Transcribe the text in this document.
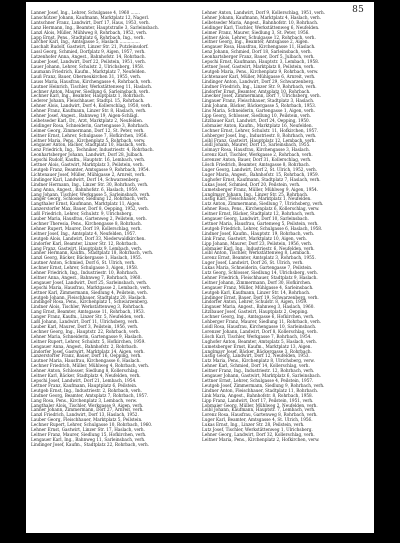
85

Lanner Josef, Ing., Lehrer, Schulgasse 4, 1960 .......

Lanschützer Johann, Kaufmann, Marktplatz 12, Nagerl.

Lantschner Franz, Landwirt, Dorf 17, Haus, 1953, verh.

Lanz Hermann, Ing., Beamter, Hauptstraße 3, Sarleinsbach.

Lanzl Alois, Müller, Mühlweg 8, Rohrbach, 1952, verh.

Lapp Ernst, Pens., Stadtplatz 6, Rohrbach, Ing., verh.

Larcher Karl, Ing., Amtsgasse 5, Haslach ...............

Laschalt Rudolf, Gastwirt, Linzer Str. 21, Putzleinsdorf.

Lassl Georg, Schmied, Dorfplatz 9, Aigen, 1957, verh.

Latzenhofer Anna, Angest., Bahnhofstr. 14, Rohrbach.

Lauber Josef, Landwirt, Dorf 22, Peilstein, 1951, verh.

Lauer Johann, Lehrer, Schulstr. 2, Ulrichsberg, 1958.

Laumann Friedrich, Kaufm., Marktplatz 7, Neufelden.

Lauß Franz, Bauer, Oberneukirchen 31, 1955, verh.

Lauss Maria, Hausfrau, Kirchengasse 4, Rohrbach, verh.

Lautner Heinrich, Tischler, Werkstättenweg 11, Haslach.

Lechner Anton, Maurer, Siedlung 6, Sarleinsbach, verh.

Lechner Karl, Ing., Beamter, Hauptplatz 1, Rohrbach.

Lederer Johann, Fleischhauer, Stadtpl. 15, Rohrbach.

Lehner Alois, Landwirt, Dorf 4, Kollerschlag, 1950, verh.

Lehner Franz, Kaufmann, Linzer Str. 8, Haslach, verh.

Lehner Josef, Angest., Bahnweg 19, Aigen-Schlägl.

Leibetseder Karl, Dr., Arzt, Marktplatz 2, Neufelden.

Leidinger Rosa, Schneiderin, Gartengasse 3, Rohrbach.

Leimer Georg, Zimmermann, Dorf 12, St. Peter, verh.

Leitner Ernst, Lehrer, Schulgasse 7, Hofkirchen, 1956.

Leitner Maria, Pens., Kirchenplatz 5, Rohrbach, verw.

Lengauer Anton, Bäcker, Stadtplatz 10, Haslach, verh.

Lenz Friedrich, Ing., Techniker, Industriestr. 4, Rohrbach.

Leonhartsberger Johann, Landwirt, Dorf 28, Julbach.

Lepschi Rudolf, Kaufm., Hauptstr. 16, Lembach, verh.

Lettner Alois, Gastwirt, Marktplatz 3, Peilstein, verh.

Leutgeb Franz, Beamter, Amtsgasse 9, Rohrbach, 1954.

Lichtenauer Josef, Müller, Mühlgasse 2, Arnreit, verh.

Lindinger Karl, Landwirt, Dorf 14, Schwarzenberg.

Lindner Hermann, Ing., Linzer Str. 30, Rohrbach, verh.

Lang Anna, Angest., Bahnhofstr. 6, Haslach, 1959.

Lang Johann, Tischler, Werkgasse 5, Sarleinsbach, verh.

Langer Georg, Schlosser, Siedlung 12, Rohrbach, verh.

Langthaler Ernst, Kaufmann, Marktplatz 11, Aigen.

Lanzerstorfer Max, Bauer, Dorf 8, Oepping, 1952, verh.

Laßl Friedrich, Lehrer, Schulstr. 9, Ulrichsberg.

Lauber Maria, Hausfrau, Gartenweg 2, Peilstein, verh.

Lechner Theresia, Pens., Kirchengasse 8, Rohrbach.

Lehner Rupert, Maurer, Dorf 19, Kollerschlag, verh.

Leitner Josef, Ing., Amtsplatz 4, Neufelden, 1957.

Leutgeb Alois, Landwirt, Dorf 33, Niederwaldkirchen.

Lindorfer Karl, Beamter, Linzer Str. 12, Rohrbach.

Lang Franz, Gastwirt, Hauptplatz 9, Lembach, verh.

Lanner Hermann, Kaufm., Stadtplatz 18, Rohrbach, verh.

Lanzl Georg, Bäcker, Bäckergasse 1, Haslach, 1955.

Lautner Anton, Schmied, Dorf 6, St. Ulrich, verh.

Lechner Ernst, Lehrer, Schulgasse 3, Aigen, 1958.

Lehner Friedrich, Ing., Industriestr. 10, Rohrbach.

Leitner Anna, Angest., Bahnweg 7, Rohrbach, 1960.

Lengauer Josef, Landwirt, Dorf 25, Sarleinsbach, verh.

Lepschi Maria, Hausfrau, Marktgasse 2, Lembach, verh.

Lettner Karl, Zimmermann, Siedlung 4, Peilstein, verh.

Leutgeb Johann, Fleischhauer, Stadtplatz 20, Haslach.

Lindinger Rosa, Pens., Kirchenplatz 1, Schwarzenberg.

Lindner Alois, Tischler, Werkstättenweg 3, Rohrbach.

Lang Ernst, Beamter, Amtsgasse 11, Rohrbach, 1953.

Langer Franz, Kaufm., Linzer Str. 5, Neufelden, verh.

Laßl Johann, Landwirt, Dorf 11, Ulrichsberg, verh.

Lauber Karl, Maurer, Dorf 3, Peilstein, 1956, verh.

Lechner Georg, Ing., Hauptstr. 22, Rohrbach, verh.

Lehner Maria, Schneiderin, Gartengasse 9, Haslach.

Leitner Rupert, Lehrer, Schulstr. 5, Hofkirchen, 1959.

Lengauer Anna, Angest., Bahnhofstr. 2, Rohrbach.

Lindorfer Josef, Gastwirt, Marktplatz 14, Aigen, verh.

Lanzerstorfer Franz, Bauer, Dorf 16, Oepping, verh.

Lautner Maria, Hausfrau, Kirchengasse 6, Haslach.

Lechner Friedrich, Müller, Mühlweg 4, Rohrbach, verh.

Lehner Anton, Schlosser, Siedlung 8, Kollerschlag.

Leitner Karl, Bäcker, Stadtplatz 4, Neufelden, verh.

Lepschi Josef, Landwirt, Dorf 21, Lembach, 1954.

Lettner Franz, Kaufmann, Hauptplatz 6, Peilstein.

Leutgeb Ernst, Ing., Industriestr. 2, Rohrbach, verh.

Lindner Georg, Beamter, Amtsplatz 7, Rohrbach, 1957.

Lang Rosa, Pens., Kirchenplatz 3, Lembach, verw.

Langthaler Alois, Tischler, Werkgasse 9, Aigen, verh.

Lanner Johann, Zimmermann, Dorf 27, Arnreit, verh.

Lanzl Friedrich, Landwirt, Dorf 13, Haslach, 1952.

Lauber Georg, Fleischhauer, Marktplatz 5, Peilstein.

Lechner Rupert, Lehrer, Schulgasse 10, Rohrbach, 1960.

Lehner Ernst, Gastwirt, Linzer Str. 17, Haslach, verh.

Leitner Franz, Maurer, Siedlung 15, Hofkirchen, verh.

Lengauer Karl, Ing., Bahnweg 11, Sarleinsbach, verh.

Lindinger Josef, Kaufm., Stadtplatz 22, Rohrbach, verh.

Lehner Anton, Landwirt, Dorf 9, Kollerschlag, 1951, verh.

Lehner Johann, Kaufmann, Marktplatz 4, Haslach, verh.

Leibetseder Maria, Angest., Bahnhofstr. 10, Rohrbach.

Leidinger Karl, Tischler, Werkstättenweg 6, Neufelden.

Leimer Franz, Maurer, Siedlung 3, St. Peter, 1956.

Leitner Alois, Lehrer, Schulgasse 12, Rohrbach, verh.

Leitner Georg, Ing., Beamter, Amtsgasse 2, Aigen.

Lengauer Rosa, Hausfrau, Kirchengasse 11, Haslach.

Lenz Johann, Schmied, Dorf 18, Sarleinsbach, verh.

Leonhartsberger Franz, Bauer, Dorf 5, Julbach, verh.

Lepschi Ernst, Kaufmann, Hauptstr. 3, Lembach, 1958.

Lettner Josef, Gastwirt, Marktplatz 8, Peilstein, verh.

Leutgeb Maria, Pens., Kirchenplatz 9, Rohrbach, verw.

Lichtenauer Karl, Müller, Mühlgasse 6, Arnreit, verh.

Lindinger Anton, Landwirt, Dorf 29, Schwarzenberg.

Lindner Friedrich, Ing., Linzer Str. 9, Rohrbach, verh.

Lindorfer Ernst, Beamter, Amtsplatz 10, Rohrbach.

Linecker Josef, Zimmermann, Dorf 7, Ulrichsberg, verh.

Lingauer Franz, Fleischhauer, Stadtplatz 3, Haslach.

Link Johann, Bäcker, Bäckergasse 5, Rohrbach, 1953.

Lins Maria, Schneiderin, Gartengasse 1, Aigen, verh.

Lipp Georg, Schlosser, Siedlung 10, Peilstein, verh.

Litzlbauer Karl, Landwirt, Dorf 24, Oepping, 1950.

Lobmaier Anton, Kaufm., Marktplatz 16, Neufelden.

Lochner Ernst, Lehrer, Schulstr. 11, Hofkirchen, 1957.

Lohberger Josef, Ing., Industriestr. 8, Rohrbach, verh.

Loibl Franz, Gastwirt, Hauptplatz 12, Lembach, verh.

Loidl Johann, Maurer, Dorf 15, Sarleinsbach, 1955.

Loimayr Rosa, Hausfrau, Kirchengasse 3, Haslach.

Lorenz Karl, Tischler, Werkgasse 2, Rohrbach, verh.

Lorenzer Anton, Bauer, Dorf 31, Kollerschlag, verh.

Lösch Friedrich, Beamter, Amtsgasse 8, Rohrbach.

Luger Georg, Landwirt, Dorf 2, St. Ulrich, 1952, verh.

Luger Maria, Angest., Bahnhofstr. 15, Rohrbach, 1959.

Lughofer Ernst, Kaufmann, Stadtplatz 7, Haslach, verh.

Lukas Josef, Schmied, Dorf 20, Peilstein, verh.

Lumetsberger Franz, Müller, Mühlweg 9, Aigen, 1954.

Lunglmayr Johann, Ing., Linzer Str. 25, Rohrbach.

Lustig Karl, Fleischhauer, Marktplatz 1, Neufelden.

Lutz Anton, Zimmermann, Siedlung 7, Ulrichsberg, verh.

Lehner Rosa, Pens., Kirchenplatz 6, Kollerschlag, verw.

Leitner Ernst, Bäcker, Stadtplatz 12, Rohrbach, verh.

Lengauer Georg, Landwirt, Dorf 10, Sarleinsbach.

Lettner Maria, Hausfrau, Gartenweg 5, Peilstein, verh.

Leutgeb Friedrich, Lehrer, Schulgasse 6, Haslach, 1958.

Lindner Josef, Kaufm., Hauptstr. 19, Rohrbach, verh.

Link Franz, Gastwirt, Marktplatz 10, Aigen, verh.

Lipp Johann, Maurer, Dorf 23, Peilstein, 1956, verh.

Lobmaier Karl, Ing., Industriestr. 6, Neufelden, verh.

Loibl Anton, Tischler, Werkstättenweg 8, Lembach.

Lorenz Ernst, Beamter, Amtsplatz 3, Rohrbach, 1955.

Luger Josef, Landwirt, Dorf 26, St. Ulrich, verh.

Lukas Maria, Schneiderin, Gartengasse 7, Peilstein.

Lutz Georg, Schlosser, Siedlung 14, Ulrichsberg, verh.

Lehner Friedrich, Fleischhauer, Stadtplatz 9, Haslach.

Leitner Johann, Zimmermann, Dorf 30, Hofkirchen.

Lengauer Franz, Müller, Mühlgasse 4, Sarleinsbach.

Leutgeb Karl, Kaufmann, Linzer Str. 14, Rohrbach.

Lindinger Ernst, Bauer, Dorf 19, Schwarzenberg, verh.

Lindorfer Anton, Lehrer, Schulstr. 8, Aigen, 1959.

Lingauer Maria, Angest., Bahnweg 3, Haslach, 1960.

Litzlbauer Josef, Gastwirt, Hauptplatz 2, Oepping.

Lochner Georg, Ing., Amtsgasse 6, Hofkirchen, verh.

Lohberger Franz, Maurer, Siedlung 11, Rohrbach, verh.

Loidl Rosa, Hausfrau, Kirchengasse 10, Sarleinsbach.

Lorenzer Johann, Landwirt, Dorf 8, Kollerschlag, verh.

Lösch Karl, Tischler, Werkgasse 7, Rohrbach, 1954.

Lughofer Anton, Beamter, Amtsplatz 5, Haslach, verh.

Lumetsberger Ernst, Kaufm., Marktplatz 13, Aigen.

Lunglmayr Josef, Bäcker, Bäckergasse 3, Rohrbach.

Lustig Georg, Landwirt, Dorf 12, Neufelden, 1953.

Lutz Maria, Pens., Kirchenplatz 8, Ulrichsberg, verw.

Lehner Karl, Schmied, Dorf 14, Kollerschlag, verh.

Leitner Franz, Ing., Industriestr. 12, Rohrbach, verh.

Lengauer Johann, Gastwirt, Marktplatz 6, Sarleinsbach.

Lettner Ernst, Lehrer, Schulgasse 4, Peilstein, 1957.

Leutgeb Josef, Zimmermann, Siedlung 9, Rohrbach, verh.

Lindner Anton, Fleischhauer, Stadtplatz 11, Rohrbach.

Link Maria, Angest., Bahnhofstr. 8, Rohrbach, 1958.

Lipp Franz, Landwirt, Dorf 17, Peilstein, 1951, verh.

Lobmaier Georg, Müller, Mühlweg 2, Neufelden, verh.

Loibl Johann, Kaufmann, Hauptstr. 7, Lembach, verh.

Lorenz Rosa, Hausfrau, Gartenweg 8, Rohrbach, verh.

Luger Karl, Beamter, Amtsgasse 4, St. Ulrich, 1956.

Lukas Ernst, Ing., Linzer Str. 28, Peilstein, verh.

Lutz Josef, Tischler, Werkstättenweg 1, Ulrichsberg.

Lehner Georg, Landwirt, Dorf 32, Kollerschlag, verh.

Leitner Maria, Pens., Kirchenplatz 2, Hofkirchen, verw.
